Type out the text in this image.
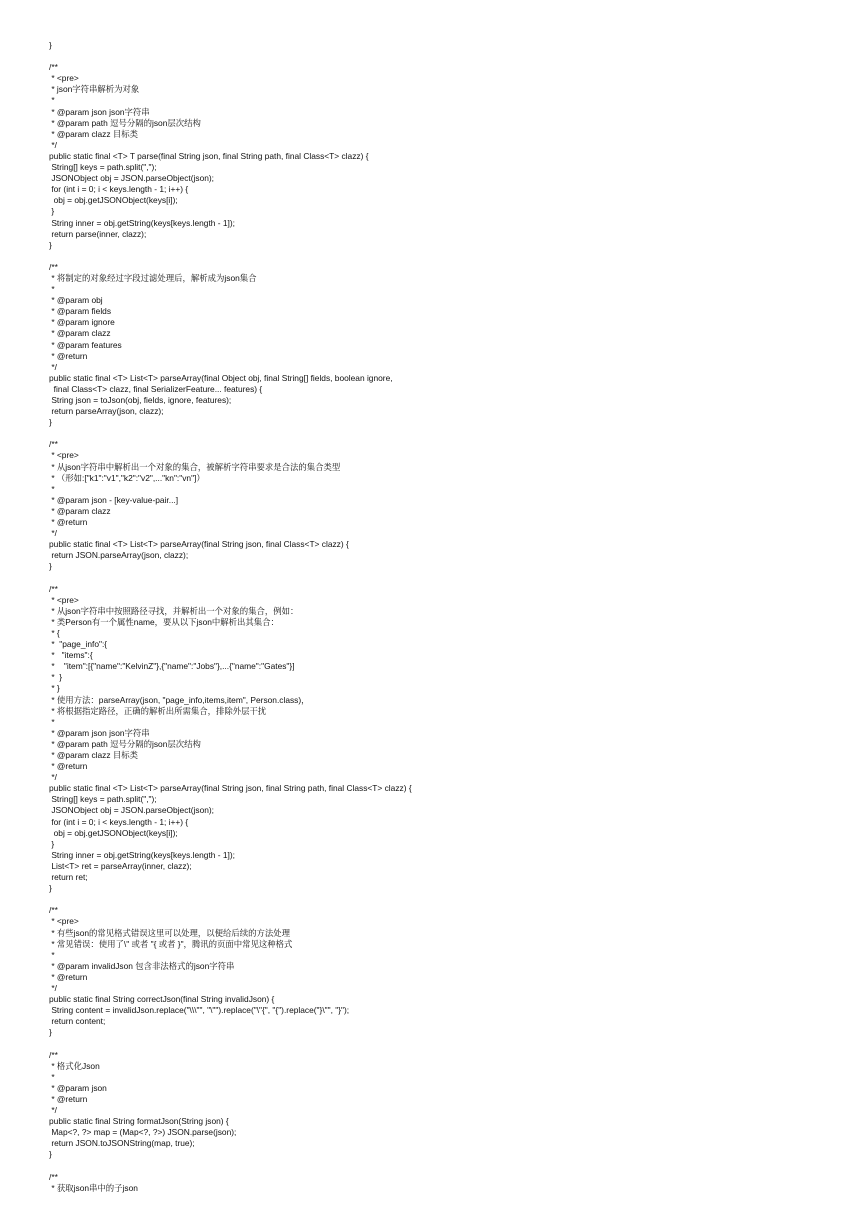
}
/**
* <pre>
* json字符串解析为对象
*
* @param json json字符串
* @param path 逗号分隔的json层次结构
* @param clazz 目标类
*/
public static final <T> T parse(final String json, final String path, final Class<T> clazz) {
String[] keys = path.split(",");
JSONObject obj = JSON.parseObject(json);
for (int i = 0; i < keys.length - 1; i++) {
obj = obj.getJSONObject(keys[i]);
}
String inner = obj.getString(keys[keys.length - 1]);
return parse(inner, clazz);
}
/**
* 将制定的对象经过字段过滤处理后，解析成为json集合
*
* @param obj
* @param fields
* @param ignore
* @param clazz
* @param features
* @return
*/
public static final <T> List<T> parseArray(final Object obj, final String[] fields, boolean ignore,
final Class<T> clazz, final SerializerFeature... features) {
String json = toJson(obj, fields, ignore, features);
return parseArray(json, clazz);
}
/**
* <pre>
* 从json字符串中解析出一个对象的集合，被解析字符串要求是合法的集合类型
* （形如:["k1":"v1","k2":"v2",..."kn":"vn"]）
*
* @param json - [key-value-pair...]
* @param clazz
* @return
*/
public static final <T> List<T> parseArray(final String json, final Class<T> clazz) {
return JSON.parseArray(json, clazz);
}
/**
* <pre>
* 从json字符串中按照路径寻找，并解析出一个对象的集合，例如：
* 类Person有一个属性name，要从以下json中解析出其集合：
* {
*  "page_info":{
*   "items":{
*    "item":[{"name":"KelvinZ"},{"name":"Jobs"},...{"name":"Gates"}]
*  }
* }
* 使用方法：parseArray(json, "page_info,items,item", Person.class)，
* 将根据指定路径，正确的解析出所需集合，排除外层干扰
*
* @param json json字符串
* @param path 逗号分隔的json层次结构
* @param clazz 目标类
* @return
*/
public static final <T> List<T> parseArray(final String json, final String path, final Class<T> clazz) {
String[] keys = path.split(",");
JSONObject obj = JSON.parseObject(json);
for (int i = 0; i < keys.length - 1; i++) {
obj = obj.getJSONObject(keys[i]);
}
String inner = obj.getString(keys[keys.length - 1]);
List<T> ret = parseArray(inner, clazz);
return ret;
}
/**
* <pre>
* 有些json的常见格式错误这里可以处理，以便给后续的方法处理
* 常见错误：使用了\" 或者 "{ 或者 }"，腾讯的页面中常见这种格式
*
* @param invalidJson 包含非法格式的json字符串
* @return
*/
public static final String correctJson(final String invalidJson) {
String content = invalidJson.replace("\\\"", "\"").replace("\"{", "{").replace("}\"", "}");
return content;
}
/**
* 格式化Json
*
* @param json
* @return
*/
public static final String formatJson(String json) {
Map<?, ?> map = (Map<?, ?>) JSON.parse(json);
return JSON.toJSONString(map, true);
}
/**
* 获取json串中的子json
